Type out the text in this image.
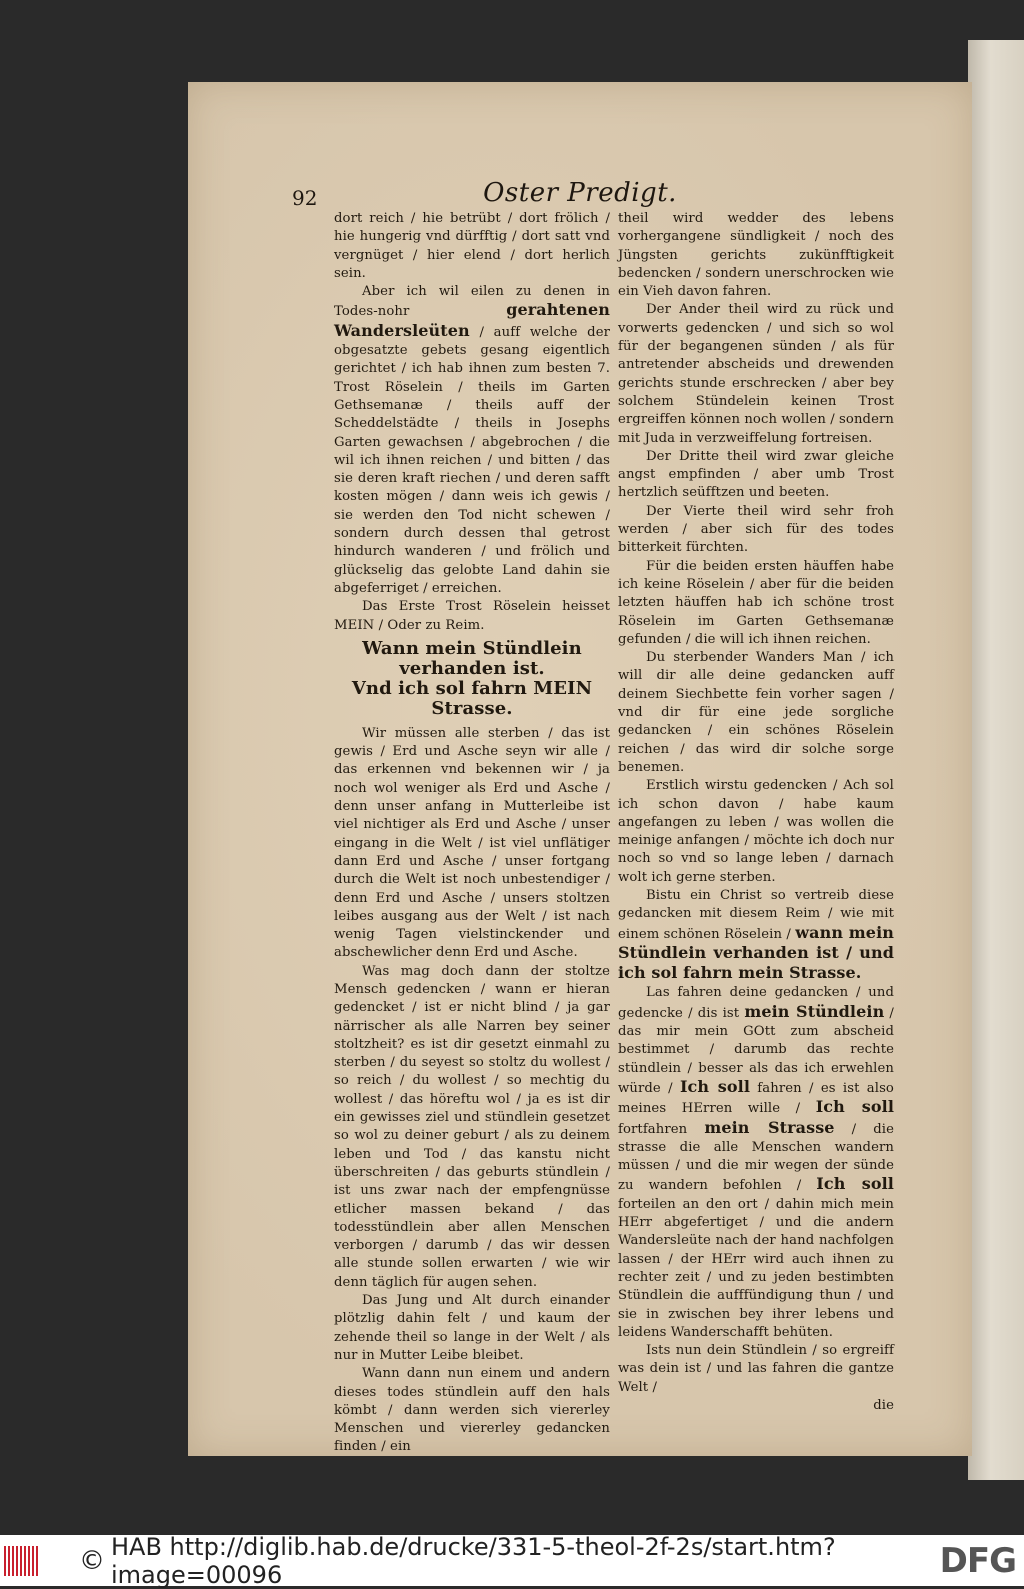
92	Oster Predigt.

dort reich / hie betrübt / dort frölich / hie hungerig vnd dürfftig / dort satt vnd vergnüget / hier elend / dort herlich sein.

Aber ich wil eilen zu denen in Todes-nohr gerahtenen Wandersleüten / auff welche der obgesatzte gebets gesang eigentlich gerichtet / ich hab ihnen zum besten 7. Trost Röselein / theils im Garten Gethsemanæ / theils auff der Scheddelstädte / theils in Josephs Garten gewachsen / abgebrochen / die wil ich ihnen reichen / und bitten / das sie deren kraft riechen / und deren safft kosten mögen / dann weis ich gewis / sie werden den Tod nicht schewen / sondern durch dessen thal getrost hindurch wanderen / und frölich und glückselig das gelobte Land dahin sie abgeferriget / erreichen.

Das Erste Trost Röselein heisset MEIN / Oder zu Reim.

Wann mein Stündlein verhanden ist.
Vnd ich sol fahrn MEIN Strasse.

Wir müssen alle sterben / das ist gewis / Erd und Asche seyn wir alle / das erkennen vnd bekennen wir / ja noch wol weniger als Erd und Asche / denn unser anfang in Mutterleibe ist viel nichtiger als Erd und Asche / unser eingang in die Welt / ist viel unflätiger dann Erd und Asche / unser fortgang durch die Welt ist noch unbestendiger / denn Erd und Asche / unsers stoltzen leibes ausgang aus der Welt / ist nach wenig Tagen vielstinckender und abschewlicher denn Erd und Asche.

Was mag doch dann der stoltze Mensch gedencken / wann er hieran gedencket / ist er nicht blind / ja gar närrischer als alle Narren bey seiner stoltzheit? es ist dir gesetzt einmahl zu sterben / du seyest so stoltz du wollest / so reich / du wollest / so mechtig du wollest / das höreftu wol / ja es ist dir ein gewisses ziel und stündlein gesetzet so wol zu deiner geburt / als zu deinem leben und Tod / das kanstu nicht überschreiten / das geburts stündlein / ist uns zwar nach der empfengnüsse etlicher massen bekand / das todesstündlein aber allen Menschen verborgen / darumb / das wir dessen alle stunde sollen erwarten / wie wir denn täglich für augen sehen.

Das Jung und Alt durch einander plötzlig dahin felt / und kaum der zehende theil so lange in der Welt / als nur in Mutter Leibe bleibet.

Wann dann nun einem und andern dieses todes stündlein auff den hals kömbt / dann werden sich viererley Menschen und viererley gedancken finden / ein

theil wird wedder des lebens vorhergangene sündligkeit / noch des Jüngsten gerichts zukünfftigkeit bedencken / sondern unerschrocken wie ein Vieh davon fahren.

Der Ander theil wird zu rück und vorwerts gedencken / und sich so wol für der begangenen sünden / als für antretender abscheids und drewenden gerichts stunde erschrecken / aber bey solchem Stündelein keinen Trost ergreiffen können noch wollen / sondern mit Juda in verzweiffelung fortreisen.

Der Dritte theil wird zwar gleiche angst empfinden / aber umb Trost hertzlich seüfftzen und beeten.

Der Vierte theil wird sehr froh werden / aber sich für des todes bitterkeit fürchten.

Für die beiden ersten häuffen habe ich keine Röselein / aber für die beiden letzten häuffen hab ich schöne trost Röselein im Garten Gethsemanæ gefunden / die will ich ihnen reichen.

Du sterbender Wanders Man / ich will dir alle deine gedancken auff deinem Siechbette fein vorher sagen / vnd dir für eine jede sorgliche gedancken / ein schönes Röselein reichen / das wird dir solche sorge benemen.

Erstlich wirstu gedencken / Ach sol ich schon davon / habe kaum angefangen zu leben / was wollen die meinige anfangen / möchte ich doch nur noch so vnd so lange leben / darnach wolt ich gerne sterben.

Bistu ein Christ so vertreib diese gedancken mit diesem Reim / wie mit einem schönen Röselein / wann mein Stündlein verhanden ist / und ich sol fahrn mein Strasse.

Las fahren deine gedancken / und gedencke / dis ist mein Stündlein / das mir mein GOtt zum abscheid bestimmet / darumb das rechte stündlein / besser als das ich erwehlen würde / Ich soll fahren / es ist also meines HErren wille / Ich soll fortfahren mein Strasse / die strasse die alle Menschen wandern müssen / und die mir wegen der sünde zu wandern befohlen / Ich soll forteilen an den ort / dahin mich mein HErr abgefertiget / und die andern Wandersleüte nach der hand nachfolgen lassen / der HErr wird auch ihnen zu rechter zeit / und zu jeden bestimbten Stündlein die aufffündigung thun / und sie in zwischen bey ihrer lebens und leidens Wanderschafft behüten.

Ists nun dein Stündlein / so ergreiff was dein ist / und las fahren die gantze Welt /

die

© HAB http://diglib.hab.de/drucke/331-5-theol-2f-2s/start.htm?image=00096	DFG
